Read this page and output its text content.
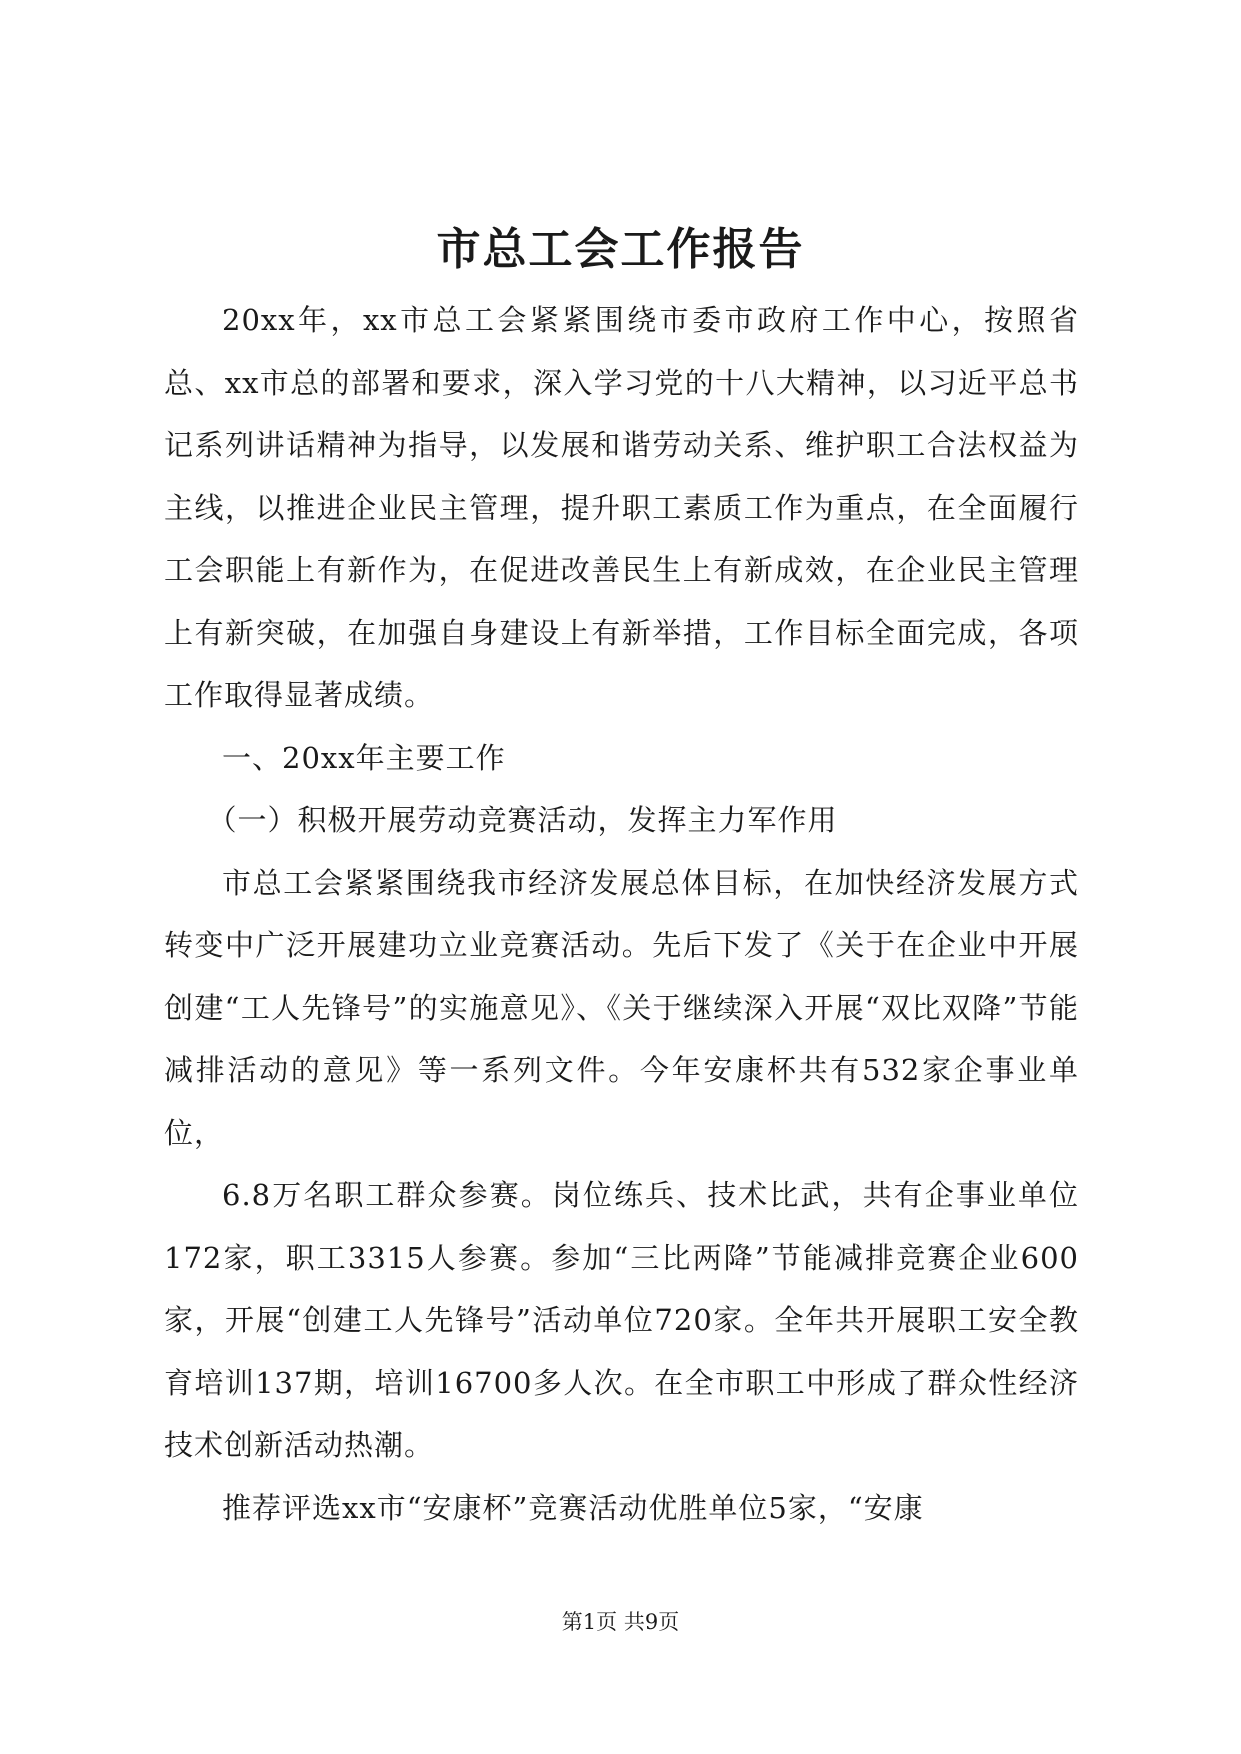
市总工会工作报告

20xx年，xx市总工会紧紧围绕市委市政府工作中心，按照省总、xx市总的部署和要求，深入学习党的十八大精神，以习近平总书记系列讲话精神为指导，以发展和谐劳动关系、维护职工合法权益为主线，以推进企业民主管理，提升职工素质工作为重点，在全面履行工会职能上有新作为，在促进改善民生上有新成效，在企业民主管理上有新突破，在加强自身建设上有新举措，工作目标全面完成，各项工作取得显著成绩。

一、20xx年主要工作

（一）积极开展劳动竞赛活动，发挥主力军作用

市总工会紧紧围绕我市经济发展总体目标，在加快经济发展方式转变中广泛开展建功立业竞赛活动。先后下发了《关于在企业中开展创建“工人先锋号”的实施意见》、《关于继续深入开展“双比双降”节能减排活动的意见》等一系列文件。今年安康杯共有532家企事业单位，

6.8万名职工群众参赛。岗位练兵、技术比武，共有企事业单位172家，职工3315人参赛。参加“三比两降”节能减排竞赛企业600家，开展“创建工人先锋号”活动单位720家。全年共开展职工安全教育培训137期，培训16700多人次。在全市职工中形成了群众性经济技术创新活动热潮。

推荐评选xx市“安康杯”竞赛活动优胜单位5家，“安康

第1页 共9页
